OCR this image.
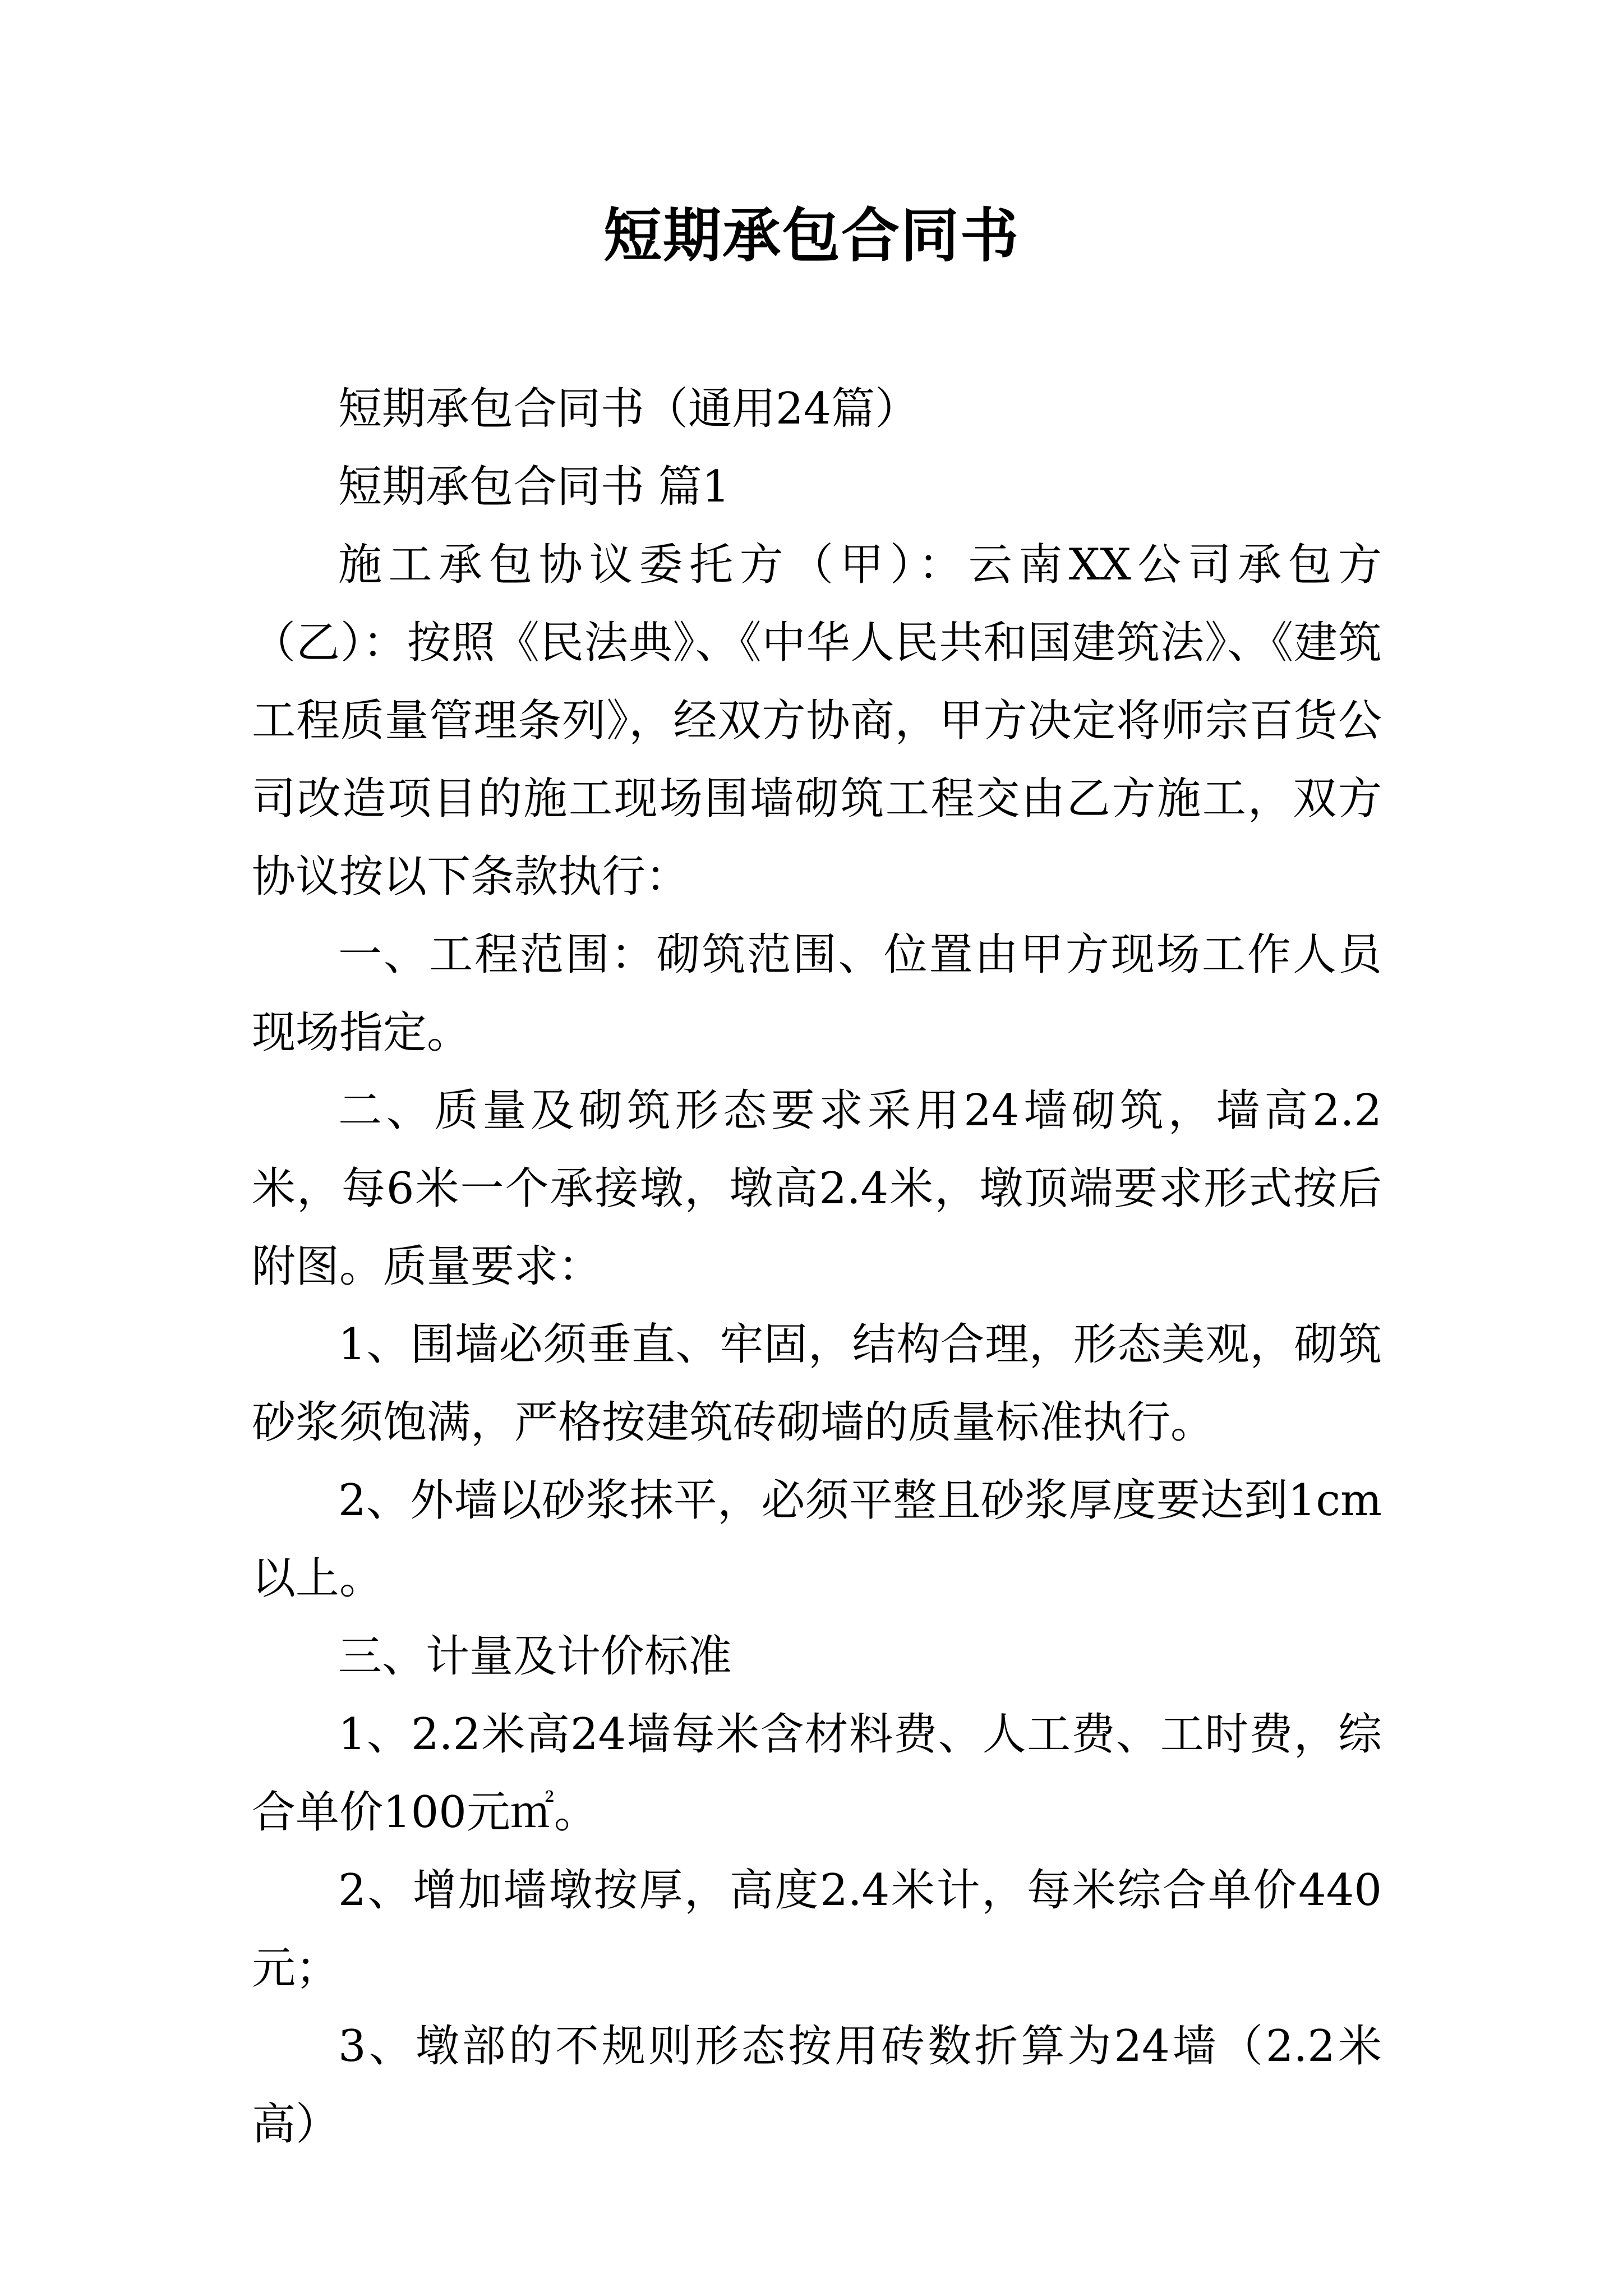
短期承包合同书

短期承包合同书（通用24篇）

短期承包合同书 篇1

施工承包协议委托方（甲）：云南XX公司承包方（乙）：按照《民法典》、《中华人民共和国建筑法》、《建筑工程质量管理条列》，经双方协商，甲方决定将师宗百货公司改造项目的施工现场围墙砌筑工程交由乙方施工，双方协议按以下条款执行：

一、工程范围：砌筑范围、位置由甲方现场工作人员现场指定。

二、质量及砌筑形态要求采用24墙砌筑，墙高2.2米，每6米一个承接墩，墩高2.4米，墩顶端要求形式按后附图。质量要求：

1、围墙必须垂直、牢固，结构合理，形态美观，砌筑砂浆须饱满，严格按建筑砖砌墙的质量标准执行。

2、外墙以砂浆抹平，必须平整且砂浆厚度要达到1cm以上。

三、计量及计价标准

1、2.2米高24墙每米含材料费、人工费、工时费，综合单价100元㎡。

2、增加墙墩按厚，高度2.4米计，每米综合单价440元；

3、墩部的不规则形态按用砖数折算为24墙（2.2米高）
